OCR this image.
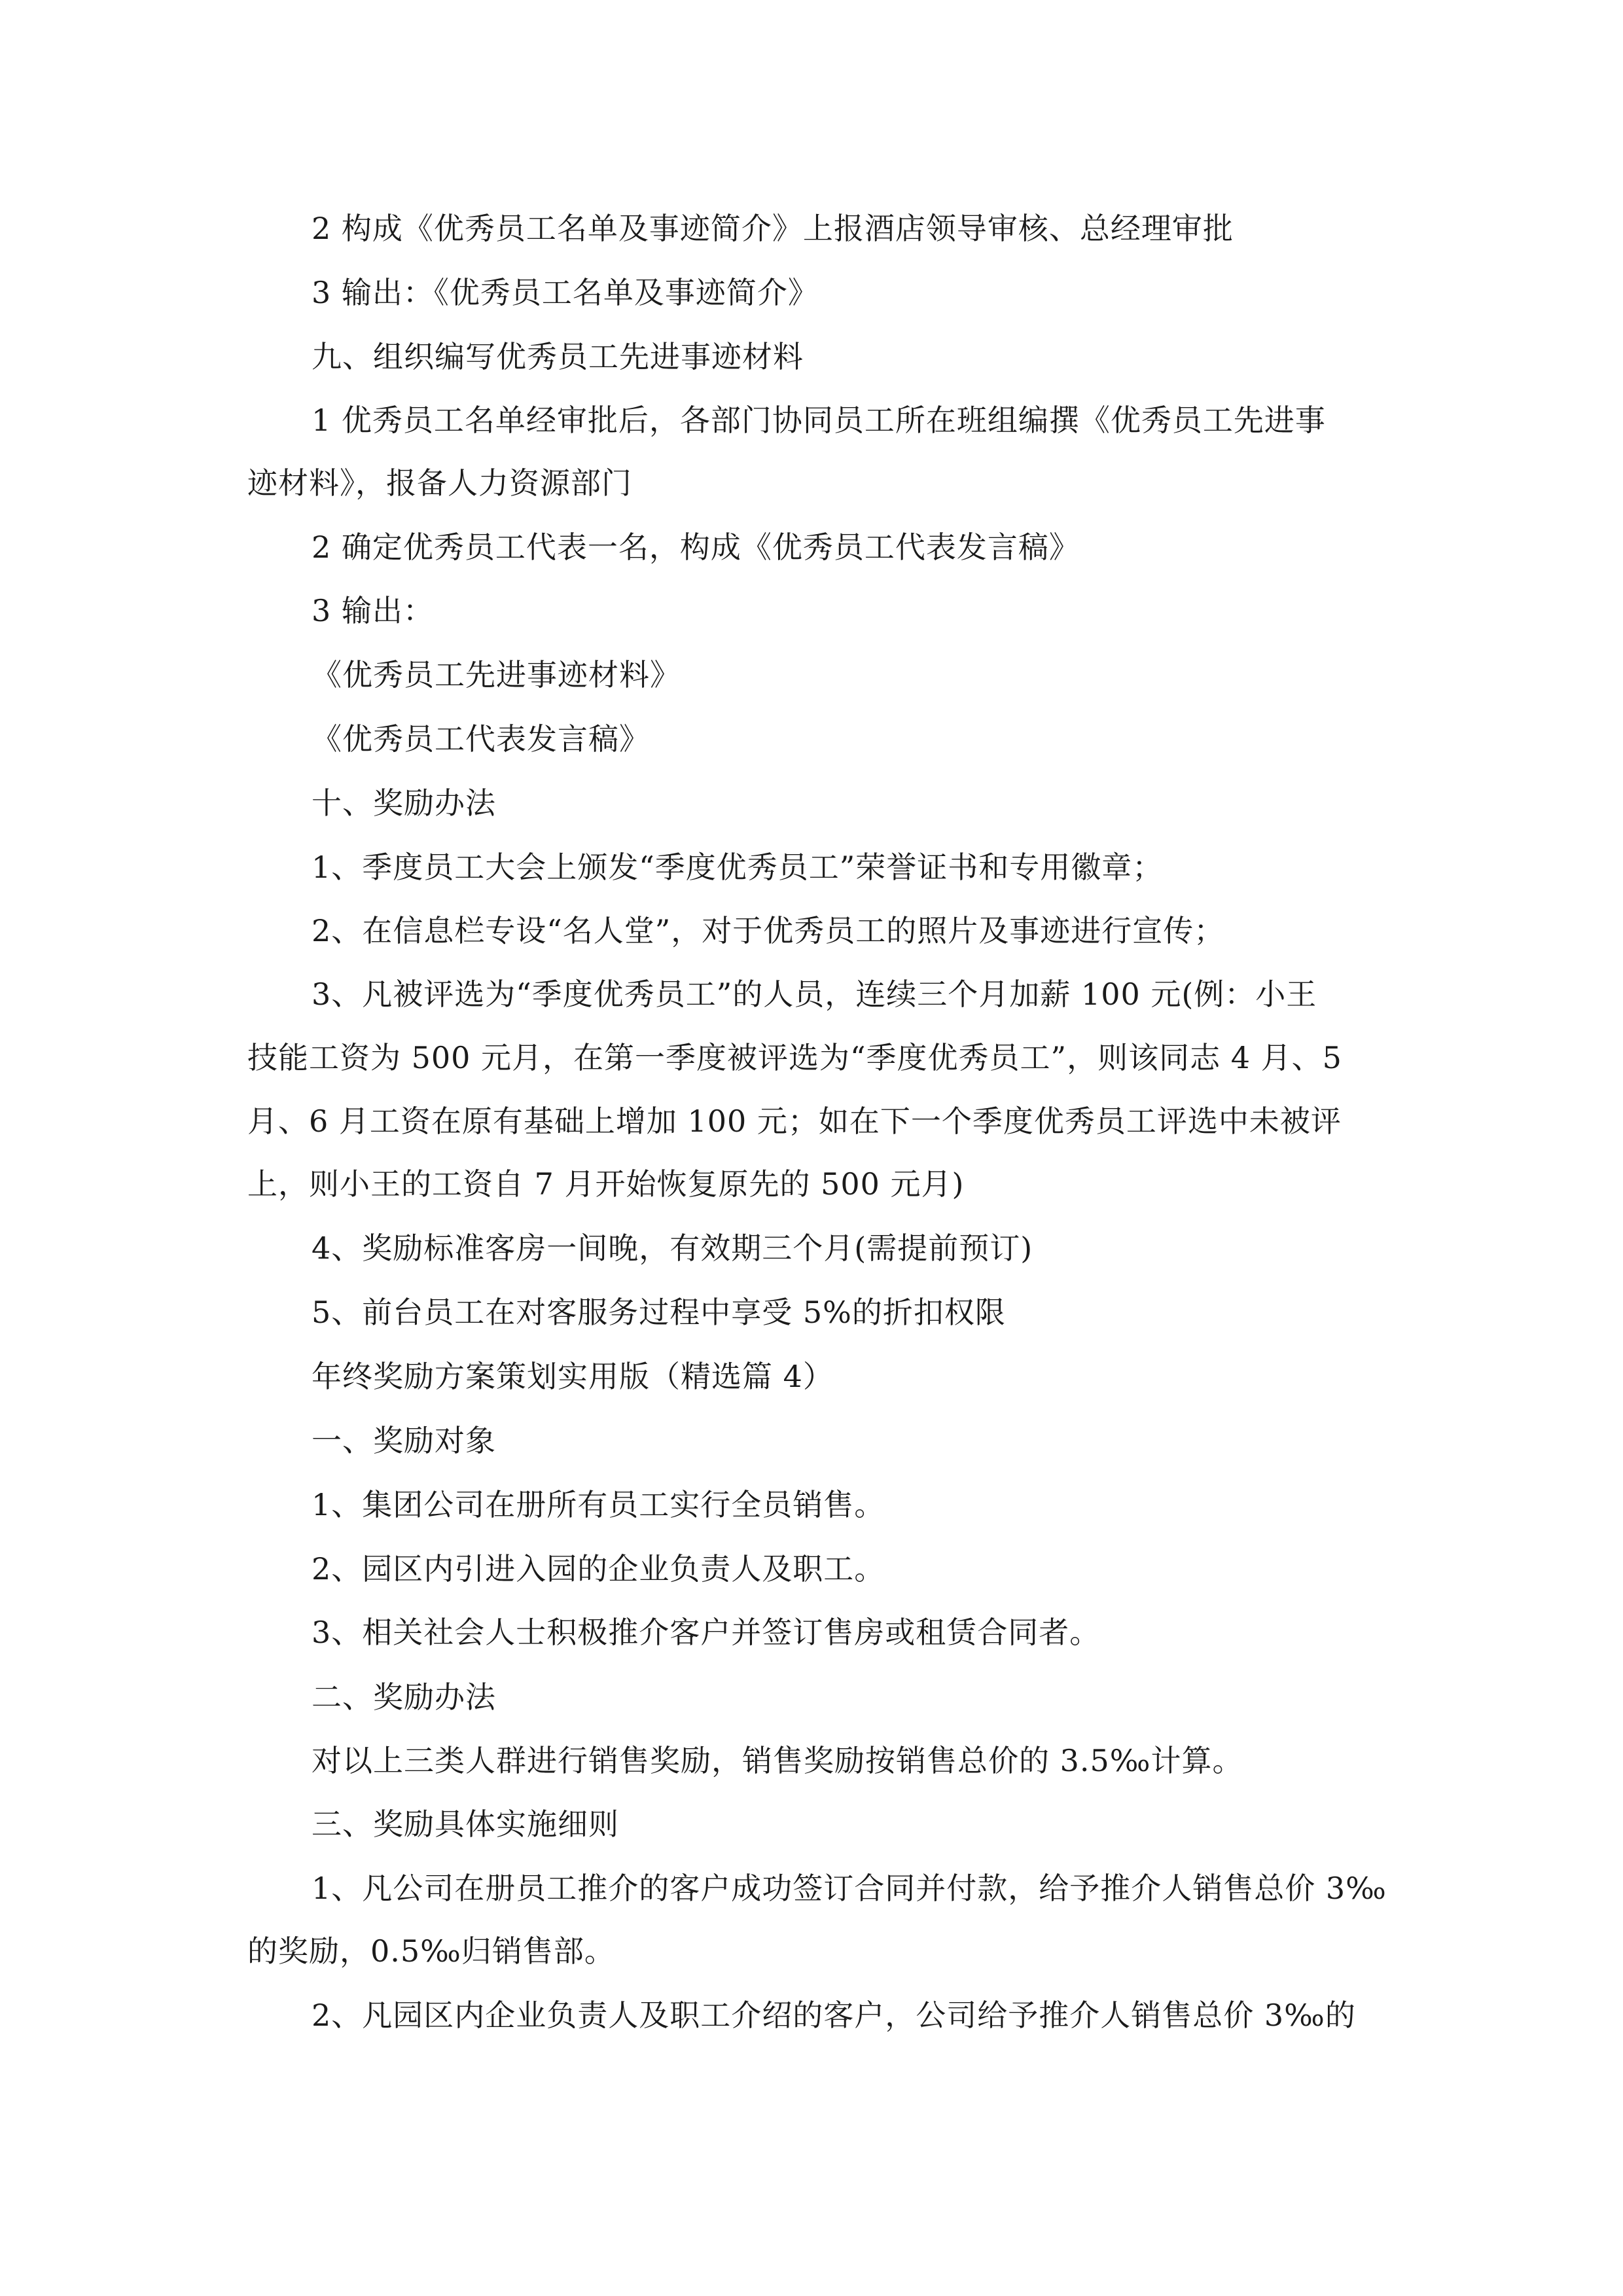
2 构成《优秀员工名单及事迹简介》上报酒店领导审核、总经理审批
3 输出：《优秀员工名单及事迹简介》
九、组织编写优秀员工先进事迹材料
1 优秀员工名单经审批后，各部门协同员工所在班组编撰《优秀员工先进事
迹材料》，报备人力资源部门
2 确定优秀员工代表一名，构成《优秀员工代表发言稿》
3 输出：
《优秀员工先进事迹材料》
《优秀员工代表发言稿》
十、奖励办法
1、季度员工大会上颁发“季度优秀员工”荣誉证书和专用徽章；
2、在信息栏专设“名人堂”，对于优秀员工的照片及事迹进行宣传；
3、凡被评选为“季度优秀员工”的人员，连续三个月加薪 100 元(例：小王
技能工资为 500 元月，在第一季度被评选为“季度优秀员工”，则该同志 4 月、5
月、6 月工资在原有基础上增加 100 元；如在下一个季度优秀员工评选中未被评
上，则小王的工资自 7 月开始恢复原先的 500 元月)
4、奖励标准客房一间晚，有效期三个月(需提前预订)
5、前台员工在对客服务过程中享受 5%的折扣权限
年终奖励方案策划实用版（精选篇 4）
一、奖励对象
1、集团公司在册所有员工实行全员销售。
2、园区内引进入园的企业负责人及职工。
3、相关社会人士积极推介客户并签订售房或租赁合同者。
二、奖励办法
对以上三类人群进行销售奖励，销售奖励按销售总价的 3.5‰计算。
三、奖励具体实施细则
1、凡公司在册员工推介的客户成功签订合同并付款，给予推介人销售总价 3‰
的奖励，0.5‰归销售部。
2、凡园区内企业负责人及职工介绍的客户，公司给予推介人销售总价 3‰的
